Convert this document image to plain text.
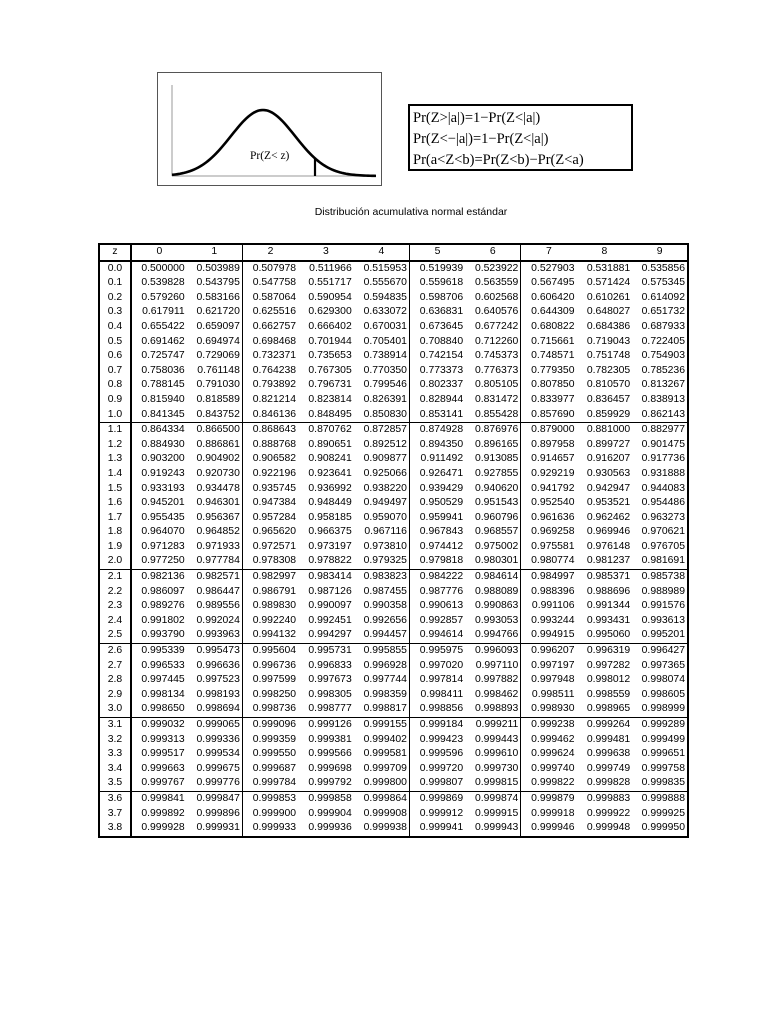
Pr(Z< z)
Pr(Z>|a|)=1−Pr(Z<|a|)
Pr(Z<−|a|)=1−Pr(Z<|a|)
Pr(a<Z<b)=Pr(Z<b)−Pr(Z<a)
Distribución acumulativa normal estándar
z	0	1	2	3	4	5	6	7	8	9
0.0	0.500000	0.503989	0.507978	0.511966	0.515953	0.519939	0.523922	0.527903	0.531881	0.535856
0.1	0.539828	0.543795	0.547758	0.551717	0.555670	0.559618	0.563559	0.567495	0.571424	0.575345
0.2	0.579260	0.583166	0.587064	0.590954	0.594835	0.598706	0.602568	0.606420	0.610261	0.614092
0.3	0.617911	0.621720	0.625516	0.629300	0.633072	0.636831	0.640576	0.644309	0.648027	0.651732
0.4	0.655422	0.659097	0.662757	0.666402	0.670031	0.673645	0.677242	0.680822	0.684386	0.687933
0.5	0.691462	0.694974	0.698468	0.701944	0.705401	0.708840	0.712260	0.715661	0.719043	0.722405
0.6	0.725747	0.729069	0.732371	0.735653	0.738914	0.742154	0.745373	0.748571	0.751748	0.754903
0.7	0.758036	0.761148	0.764238	0.767305	0.770350	0.773373	0.776373	0.779350	0.782305	0.785236
0.8	0.788145	0.791030	0.793892	0.796731	0.799546	0.802337	0.805105	0.807850	0.810570	0.813267
0.9	0.815940	0.818589	0.821214	0.823814	0.826391	0.828944	0.831472	0.833977	0.836457	0.838913
1.0	0.841345	0.843752	0.846136	0.848495	0.850830	0.853141	0.855428	0.857690	0.859929	0.862143
1.1	0.864334	0.866500	0.868643	0.870762	0.872857	0.874928	0.876976	0.879000	0.881000	0.882977
1.2	0.884930	0.886861	0.888768	0.890651	0.892512	0.894350	0.896165	0.897958	0.899727	0.901475
1.3	0.903200	0.904902	0.906582	0.908241	0.909877	0.911492	0.913085	0.914657	0.916207	0.917736
1.4	0.919243	0.920730	0.922196	0.923641	0.925066	0.926471	0.927855	0.929219	0.930563	0.931888
1.5	0.933193	0.934478	0.935745	0.936992	0.938220	0.939429	0.940620	0.941792	0.942947	0.944083
1.6	0.945201	0.946301	0.947384	0.948449	0.949497	0.950529	0.951543	0.952540	0.953521	0.954486
1.7	0.955435	0.956367	0.957284	0.958185	0.959070	0.959941	0.960796	0.961636	0.962462	0.963273
1.8	0.964070	0.964852	0.965620	0.966375	0.967116	0.967843	0.968557	0.969258	0.969946	0.970621
1.9	0.971283	0.971933	0.972571	0.973197	0.973810	0.974412	0.975002	0.975581	0.976148	0.976705
2.0	0.977250	0.977784	0.978308	0.978822	0.979325	0.979818	0.980301	0.980774	0.981237	0.981691
2.1	0.982136	0.982571	0.982997	0.983414	0.983823	0.984222	0.984614	0.984997	0.985371	0.985738
2.2	0.986097	0.986447	0.986791	0.987126	0.987455	0.987776	0.988089	0.988396	0.988696	0.988989
2.3	0.989276	0.989556	0.989830	0.990097	0.990358	0.990613	0.990863	0.991106	0.991344	0.991576
2.4	0.991802	0.992024	0.992240	0.992451	0.992656	0.992857	0.993053	0.993244	0.993431	0.993613
2.5	0.993790	0.993963	0.994132	0.994297	0.994457	0.994614	0.994766	0.994915	0.995060	0.995201
2.6	0.995339	0.995473	0.995604	0.995731	0.995855	0.995975	0.996093	0.996207	0.996319	0.996427
2.7	0.996533	0.996636	0.996736	0.996833	0.996928	0.997020	0.997110	0.997197	0.997282	0.997365
2.8	0.997445	0.997523	0.997599	0.997673	0.997744	0.997814	0.997882	0.997948	0.998012	0.998074
2.9	0.998134	0.998193	0.998250	0.998305	0.998359	0.998411	0.998462	0.998511	0.998559	0.998605
3.0	0.998650	0.998694	0.998736	0.998777	0.998817	0.998856	0.998893	0.998930	0.998965	0.998999
3.1	0.999032	0.999065	0.999096	0.999126	0.999155	0.999184	0.999211	0.999238	0.999264	0.999289
3.2	0.999313	0.999336	0.999359	0.999381	0.999402	0.999423	0.999443	0.999462	0.999481	0.999499
3.3	0.999517	0.999534	0.999550	0.999566	0.999581	0.999596	0.999610	0.999624	0.999638	0.999651
3.4	0.999663	0.999675	0.999687	0.999698	0.999709	0.999720	0.999730	0.999740	0.999749	0.999758
3.5	0.999767	0.999776	0.999784	0.999792	0.999800	0.999807	0.999815	0.999822	0.999828	0.999835
3.6	0.999841	0.999847	0.999853	0.999858	0.999864	0.999869	0.999874	0.999879	0.999883	0.999888
3.7	0.999892	0.999896	0.999900	0.999904	0.999908	0.999912	0.999915	0.999918	0.999922	0.999925
3.8	0.999928	0.999931	0.999933	0.999936	0.999938	0.999941	0.999943	0.999946	0.999948	0.999950
